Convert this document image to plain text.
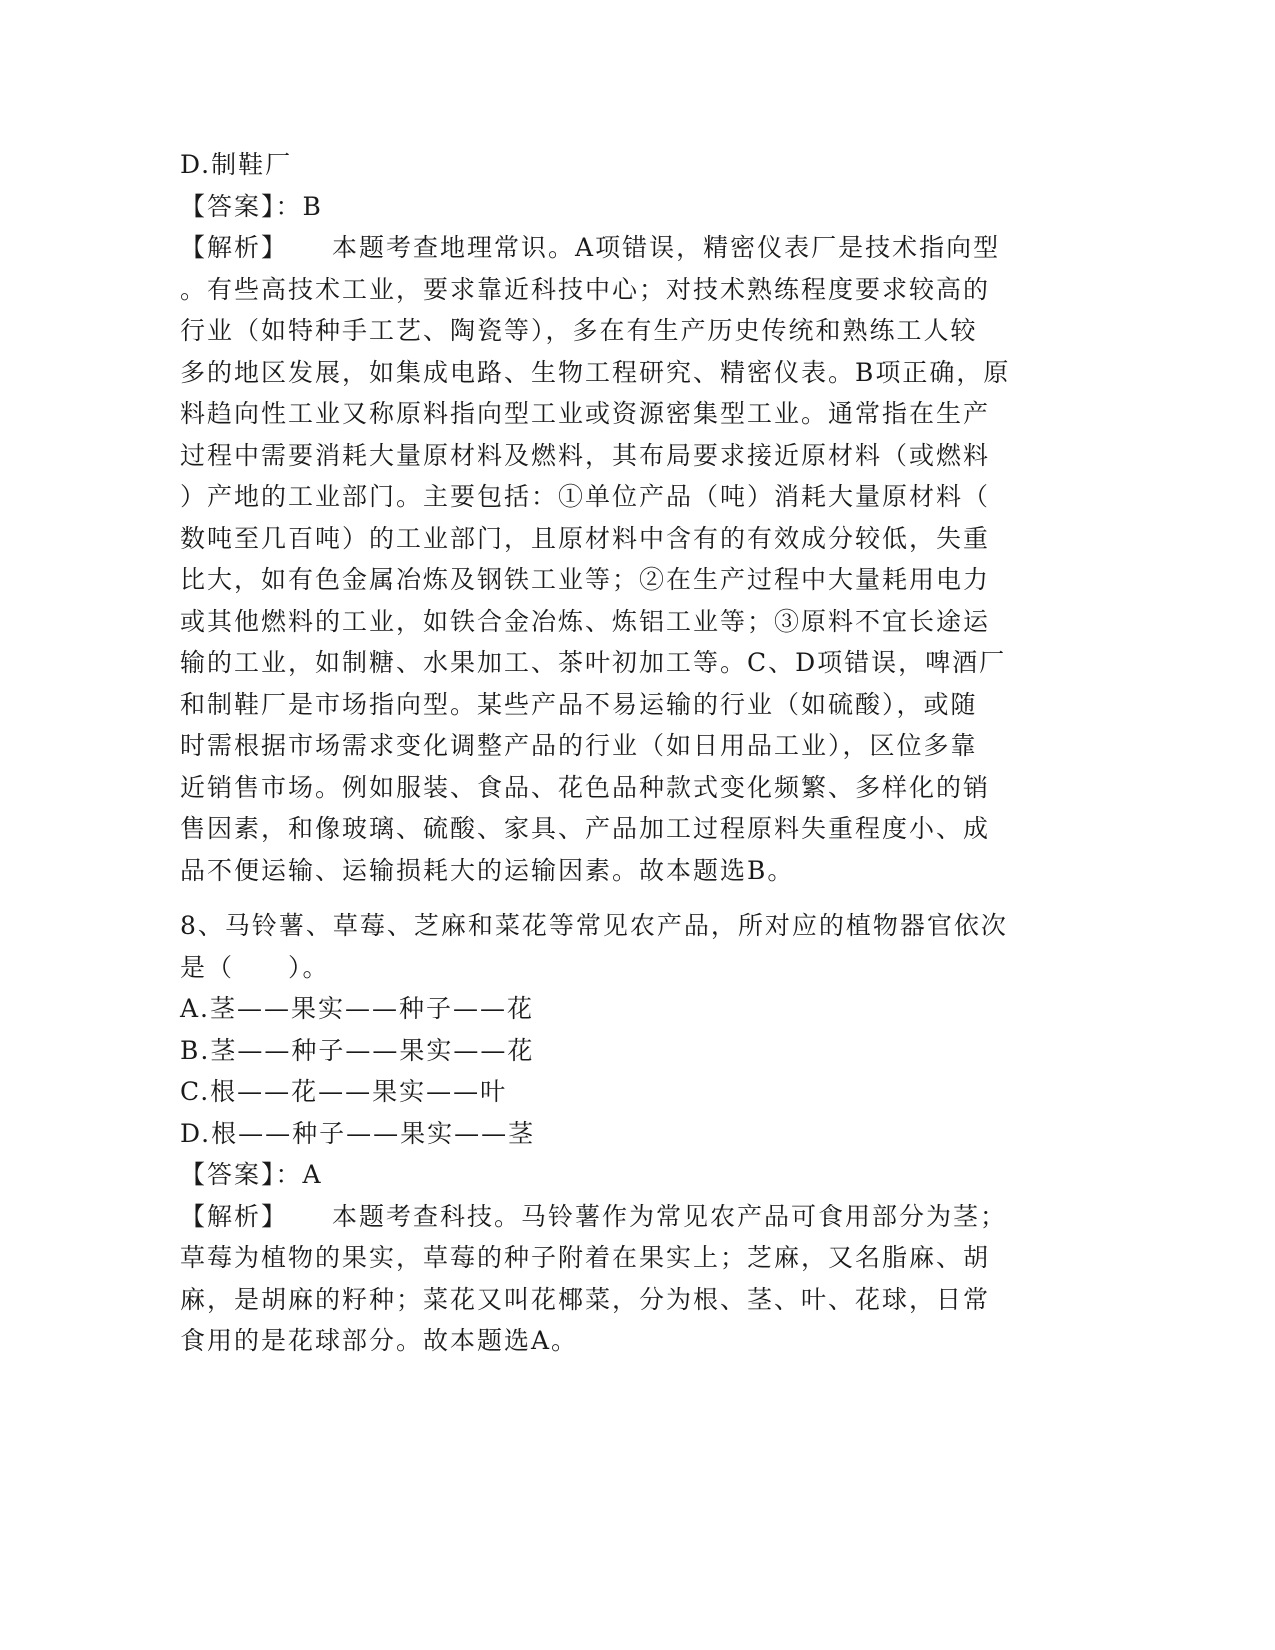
D.制鞋厂
【答案】：B
【解析】 本题考查地理常识。A项错误，精密仪表厂是技术指向型
。有些高技术工业，要求靠近科技中心；对技术熟练程度要求较高的
行业（如特种手工艺、陶瓷等），多在有生产历史传统和熟练工人较
多的地区发展，如集成电路、生物工程研究、精密仪表。B项正确，原
料趋向性工业又称原料指向型工业或资源密集型工业。通常指在生产
过程中需要消耗大量原材料及燃料，其布局要求接近原材料（或燃料
）产地的工业部门。主要包括：①单位产品（吨）消耗大量原材料（
数吨至几百吨）的工业部门，且原材料中含有的有效成分较低，失重
比大，如有色金属冶炼及钢铁工业等；②在生产过程中大量耗用电力
或其他燃料的工业，如铁合金冶炼、炼铝工业等；③原料不宜长途运
输的工业，如制糖、水果加工、茶叶初加工等。C、D项错误，啤酒厂
和制鞋厂是市场指向型。某些产品不易运输的行业（如硫酸），或随
时需根据市场需求变化调整产品的行业（如日用品工业），区位多靠
近销售市场。例如服装、食品、花色品种款式变化频繁、多样化的销
售因素，和像玻璃、硫酸、家具、产品加工过程原料失重程度小、成
品不便运输、运输损耗大的运输因素。故本题选B。
8、马铃薯、草莓、芝麻和菜花等常见农产品，所对应的植物器官依次
是（　　）。
A.茎——果实——种子——花
B.茎——种子——果实——花
C.根——花——果实——叶
D.根——种子——果实——茎
【答案】：A
【解析】 本题考查科技。马铃薯作为常见农产品可食用部分为茎；
草莓为植物的果实，草莓的种子附着在果实上；芝麻，又名脂麻、胡
麻，是胡麻的籽种；菜花又叫花椰菜，分为根、茎、叶、花球，日常
食用的是花球部分。故本题选A。
